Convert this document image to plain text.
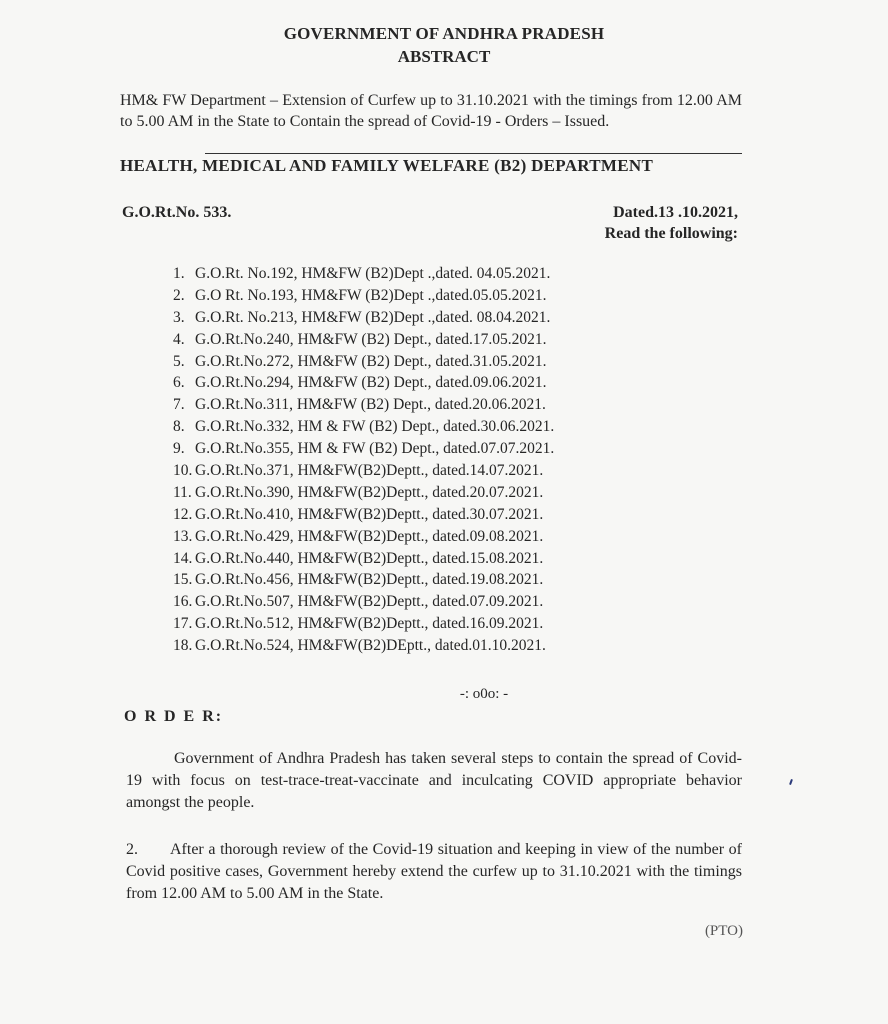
GOVERNMENT OF ANDHRA PRADESH
ABSTRACT
HM& FW Department – Extension of Curfew up to 31.10.2021 with the timings from 12.00 AM to 5.00 AM in the State to Contain the spread of Covid-19 - Orders – Issued.
HEALTH, MEDICAL AND FAMILY WELFARE (B2) DEPARTMENT
G.O.Rt.No. 533.	Dated.13 .10.2021,
Read the following:
1. G.O.Rt. No.192, HM&FW (B2)Dept .,dated. 04.05.2021.
2. G.O Rt. No.193, HM&FW (B2)Dept .,dated.05.05.2021.
3. G.O.Rt. No.213, HM&FW (B2)Dept .,dated. 08.04.2021.
4. G.O.Rt.No.240, HM&FW (B2) Dept., dated.17.05.2021.
5. G.O.Rt.No.272, HM&FW (B2) Dept., dated.31.05.2021.
6. G.O.Rt.No.294, HM&FW (B2) Dept., dated.09.06.2021.
7. G.O.Rt.No.311, HM&FW (B2) Dept., dated.20.06.2021.
8. G.O.Rt.No.332, HM & FW (B2) Dept., dated.30.06.2021.
9. G.O.Rt.No.355, HM & FW (B2) Dept., dated.07.07.2021.
10. G.O.Rt.No.371, HM&FW(B2)Deptt., dated.14.07.2021.
11. G.O.Rt.No.390, HM&FW(B2)Deptt., dated.20.07.2021.
12. G.O.Rt.No.410, HM&FW(B2)Deptt., dated.30.07.2021.
13. G.O.Rt.No.429, HM&FW(B2)Deptt., dated.09.08.2021.
14. G.O.Rt.No.440, HM&FW(B2)Deptt., dated.15.08.2021.
15. G.O.Rt.No.456, HM&FW(B2)Deptt., dated.19.08.2021.
16. G.O.Rt.No.507, HM&FW(B2)Deptt., dated.07.09.2021.
17. G.O.Rt.No.512, HM&FW(B2)Deptt., dated.16.09.2021.
18. G.O.Rt.No.524, HM&FW(B2)DEptt., dated.01.10.2021.
-: o0o: -
O R D E R:
Government of Andhra Pradesh has taken several steps to contain the spread of Covid-19 with focus on test-trace-treat-vaccinate and inculcating COVID appropriate behavior amongst the people.
2. After a thorough review of the Covid-19 situation and keeping in view of the number of Covid positive cases, Government hereby extend the curfew up to 31.10.2021 with the timings from 12.00 AM to 5.00 AM in the State.
(PTO)
